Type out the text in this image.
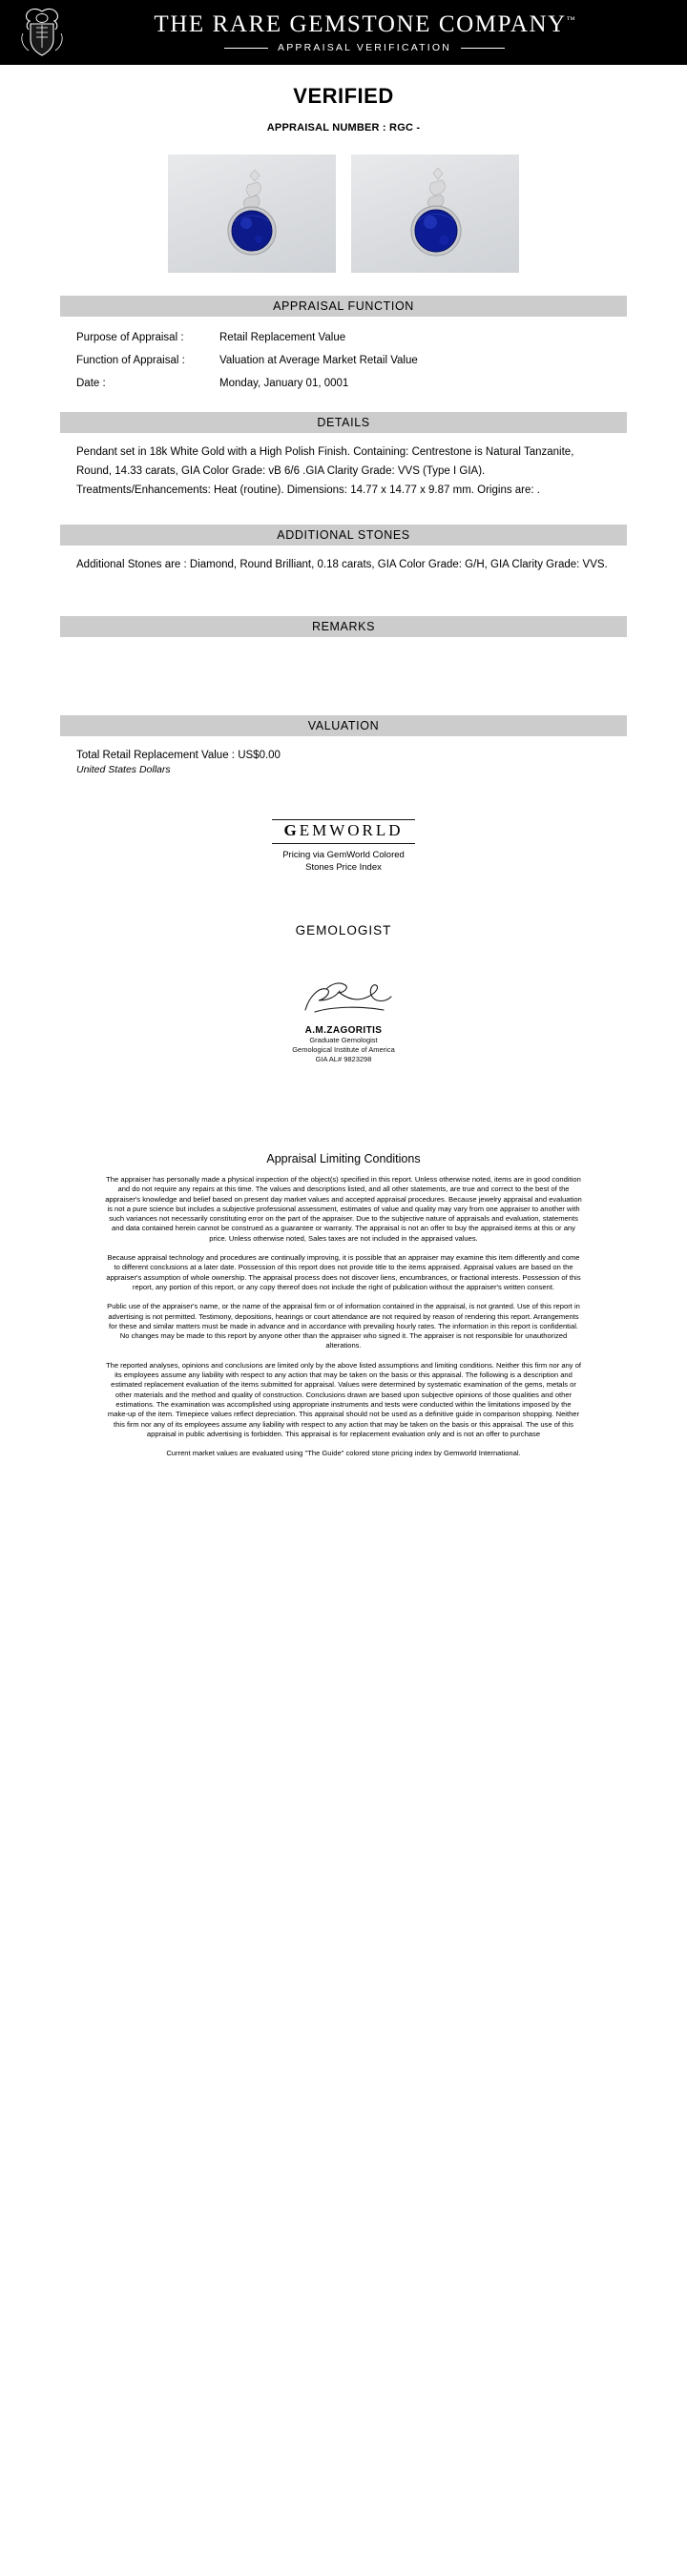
THE RARE GEMSTONE COMPANY™
APPRAISAL VERIFICATION
VERIFIED
APPRAISAL NUMBER : RGC -
APPRAISAL FUNCTION
Purpose of Appraisal :	Retail Replacement Value
Function of Appraisal :	Valuation at Average Market Retail Value
Date :	Monday, January 01, 0001
DETAILS
Pendant set in 18k White Gold with a High Polish Finish. Containing: Centrestone is Natural Tanzanite, Round, 14.33 carats, GIA Color Grade: vB 6/6 .GIA Clarity Grade: VVS (Type I GIA). Treatments/Enhancements: Heat (routine). Dimensions: 14.77 x 14.77 x 9.87 mm. Origins are: .
ADDITIONAL STONES
Additional Stones are : Diamond, Round Brilliant, 0.18 carats, GIA Color Grade: G/H, GIA Clarity Grade: VVS.
REMARKS
VALUATION
Total Retail Replacement Value : US$0.00
United States Dollars
GEMWORLD
Pricing via GemWorld Colored
Stones Price Index
GEMOLOGIST
A.M.ZAGORITIS
Graduate Gemologist
Gemological Institute of America
GIA AL# 9823298
Appraisal Limiting Conditions

The appraiser has personally made a physical inspection of the object(s) specified in this report. Unless otherwise noted, items are in good condition and do not require any repairs at this time. The values and descriptions listed, and all other statements, are true and correct to the best of the appraiser's knowledge and belief based on present day market values and accepted appraisal procedures. Because jewelry appraisal and evaluation is not a pure science but includes a subjective professional assessment, estimates of value and quality may vary from one appraiser to another with such variances not necessarily constituting error on the part of the appraiser. Due to the subjective nature of appraisals and evaluation, statements and data contained herein cannot be construed as a guarantee or warranty. The appraisal is not an offer to buy the appraised items at this or any price. Unless otherwise noted, Sales taxes are not included in the appraised values.

Because appraisal technology and procedures are continually improving, it is possible that an appraiser may examine this item differently and come to different conclusions at a later date. Possession of this report does not provide title to the items appraised. Appraisal values are based on the appraiser's assumption of whole ownership. The appraisal process does not discover liens, encumbrances, or fractional interests. Possession of this report, any portion of this report, or any copy thereof does not include the right of publication without the appraiser's written consent.

Public use of the appraiser's name, or the name of the appraisal firm or of information contained in the appraisal, is not granted. Use of this report in advertising is not permitted. Testimony, depositions, hearings or court attendance are not required by reason of rendering this report. Arrangements for these and similar matters must be made in advance and in accordance with prevailing hourly rates. The information in this report is confidential. No changes may be made to this report by anyone other than the appraiser who signed it. The appraiser is not responsible for unauthorized alterations.

The reported analyses, opinions and conclusions are limited only by the above listed assumptions and limiting conditions. Neither this firm nor any of its employees assume any liability with respect to any action that may be taken on the basis or this appraisal. The following is a description and estimated replacement evaluation of the items submitted for appraisal. Values were determined by systematic examination of the gems, metals or other materials and the method and quality of construction. Conclusions drawn are based upon subjective opinions of those qualities and other estimations. The examination was accomplished using appropriate instruments and tests were conducted within the limitations imposed by the make-up of the item. Timepiece values reflect depreciation. This appraisal should not be used as a definitive guide in comparison shopping. Neither this firm nor any of its employees assume any liability with respect to any action that may be taken on the basis or this appraisal. The use of this appraisal in public advertising is forbidden. This appraisal is for replacement evaluation only and is not an offer to purchase

Current market values are evaluated using "The Guide" colored stone pricing index by Gemworld International.
